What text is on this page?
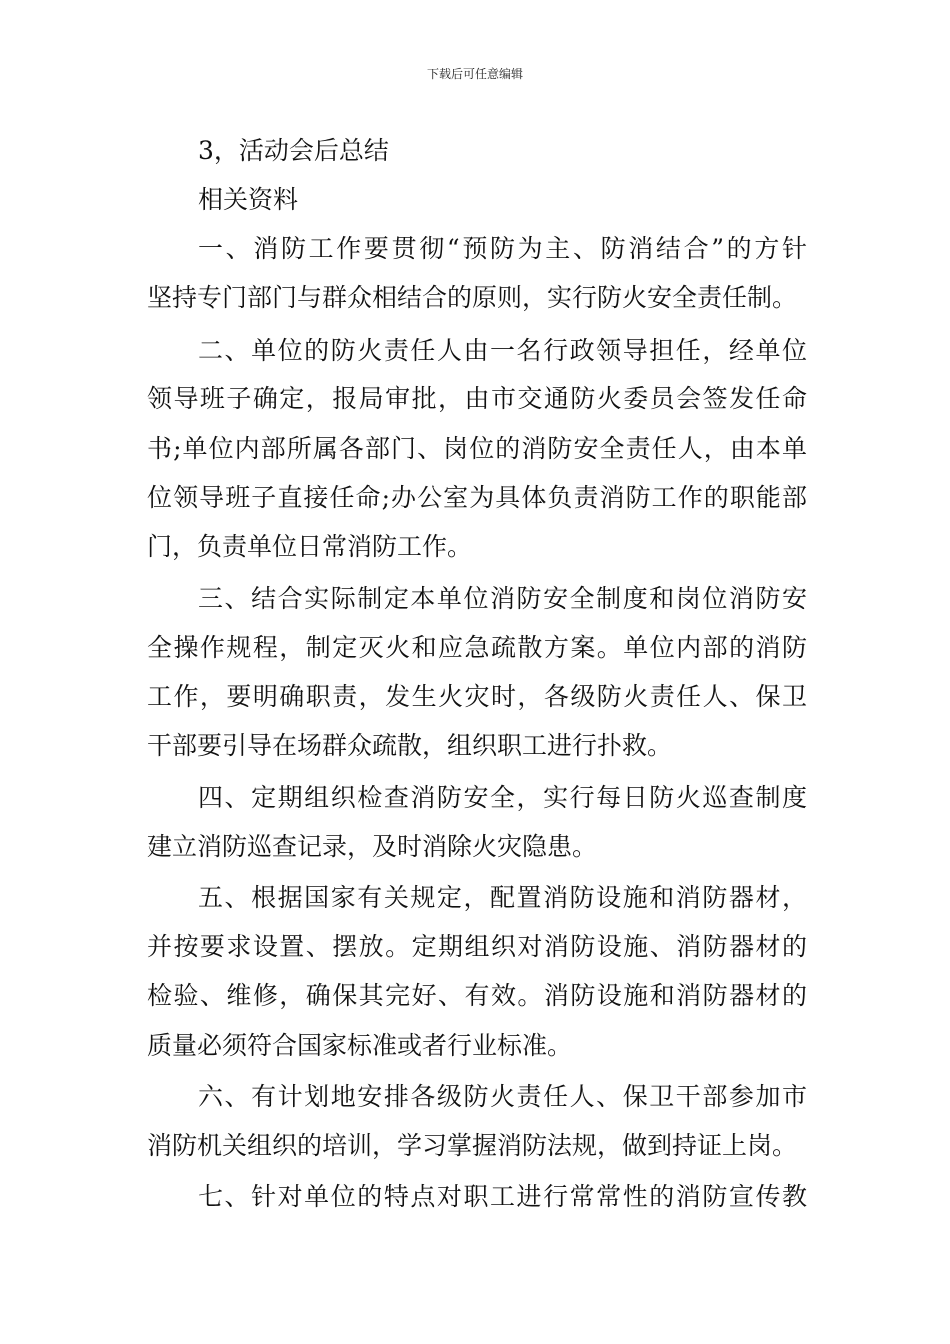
下载后可任意编辑
3，活动会后总结
相关资料
一、消防工作要贯彻“预防为主、防消结合”的方针
坚持专门部门与群众相结合的原则，实行防火安全责任制。
二、单位的防火责任人由一名行政领导担任，经单位
领导班子确定，报局审批，由市交通防火委员会签发任命
书;单位内部所属各部门、岗位的消防安全责任人，由本单
位领导班子直接任命;办公室为具体负责消防工作的职能部
门，负责单位日常消防工作。
三、结合实际制定本单位消防安全制度和岗位消防安
全操作规程，制定灭火和应急疏散方案。单位内部的消防
工作，要明确职责，发生火灾时，各级防火责任人、保卫
干部要引导在场群众疏散，组织职工进行扑救。
四、定期组织检查消防安全，实行每日防火巡查制度
建立消防巡查记录，及时消除火灾隐患。
五、根据国家有关规定，配置消防设施和消防器材，
并按要求设置、摆放。定期组织对消防设施、消防器材的
检验、维修，确保其完好、有效。消防设施和消防器材的
质量必须符合国家标准或者行业标准。
六、有计划地安排各级防火责任人、保卫干部参加市
消防机关组织的培训，学习掌握消防法规，做到持证上岗。
七、针对单位的特点对职工进行常常性的消防宣传教
